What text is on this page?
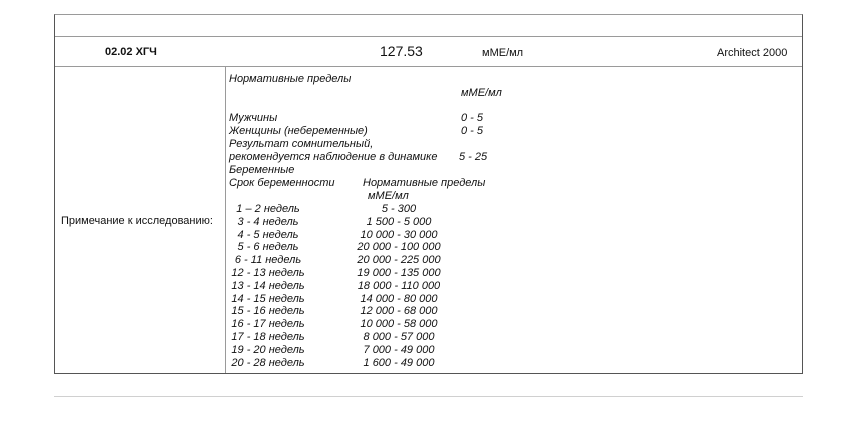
02.02 ХГЧ	127.53	мМЕ/мл	Architect 2000
Примечание к исследованию:
Нормативные пределы
мМЕ/мл
Мужчины	0 - 5
Женщины (небеременные)	0 - 5
Результат сомнительный,
рекомендуется наблюдение в динамике 5 - 25
Беременные
Срок беременности	Нормативные пределы
мМЕ/мл
1 – 2 недель	5 - 300
3 - 4 недель	1 500 - 5 000
4 - 5 недель	10 000 - 30 000
5 - 6 недель	20 000 - 100 000
6 - 11 недель	20 000 - 225 000
12 - 13 недель	19 000 - 135 000
13 - 14 недель	18 000 - 110 000
14 - 15 недель	14 000 - 80 000
15 - 16 недель	12 000 - 68 000
16 - 17 недель	10 000 - 58 000
17 - 18 недель	8 000 - 57 000
19 - 20 недель	7 000 - 49 000
20 - 28 недель	1 600 - 49 000
